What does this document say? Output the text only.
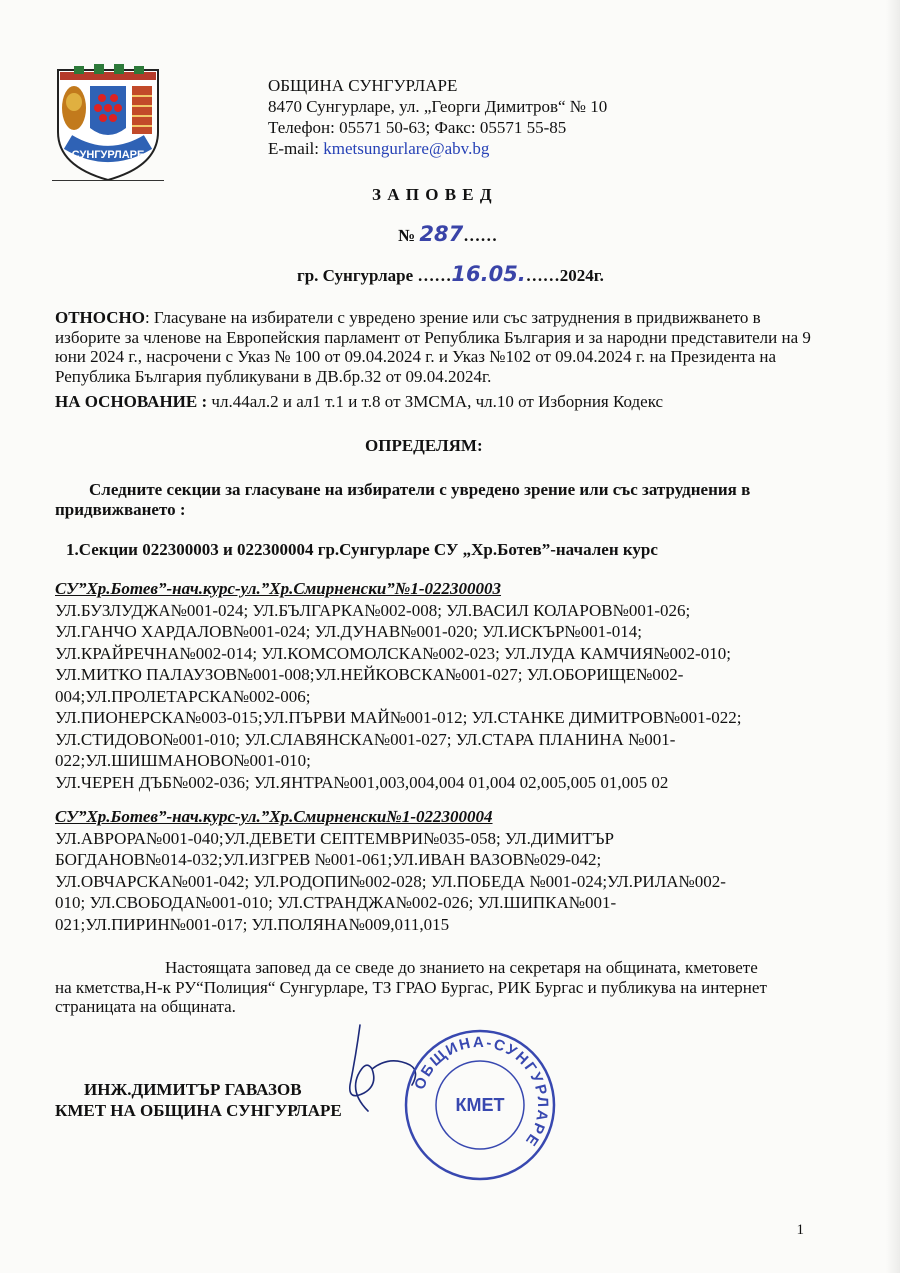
СУНГУРЛАРЕ
ОБЩИНА СУНГУРЛАРЕ
8470 Сунгурларе, ул. „Георги Димитров“ № 10
Телефон: 05571 50-63; Факс: 05571 55-85
E-mail: kmetsungurlare@abv.bg
З А П О В Е Д
№ 287……
гр. Сунгурларе ……16.05.……2024г.
ОТНОСНО: Гласуване на избиратели с увредено зрение или със затруднения в придвижването в изборите за членове на Европейския парламент от Република България и за народни представители на 9 юни 2024 г., насрочени с Указ № 100 от 09.04.2024 г. и Указ №102 от 09.04.2024 г. на Президента на Република България публикувани в ДВ.бр.32 от 09.04.2024г.
НА ОСНОВАНИЕ : чл.44ал.2 и ал1 т.1 и т.8 от ЗМСМА, чл.10 от Изборния Кодекс
ОПРЕДЕЛЯМ:
Следните секции за гласуване на избиратели с увредено зрение или със затруднения в придвижването :
1.Секции 022300003 и 022300004 гр.Сунгурларе СУ „Хр.Ботев”-начален курс
СУ”Хр.Ботев”-нач.курс-ул.”Хр.Смирненски”№1-022300003
УЛ.БУЗЛУДЖА№001-024; УЛ.БЪЛГАРКА№002-008; УЛ.ВАСИЛ КОЛАРОВ№001-026;
УЛ.ГАНЧО ХАРДАЛОВ№001-024; УЛ.ДУНАВ№001-020; УЛ.ИСКЪР№001-014;
УЛ.КРАЙРЕЧНА№002-014; УЛ.КОМСОМОЛСКА№002-023; УЛ.ЛУДА КАМЧИЯ№002-010;
УЛ.МИТКО ПАЛАУЗОВ№001-008;УЛ.НЕЙКОВСКА№001-027; УЛ.ОБОРИЩЕ№002-
004;УЛ.ПРОЛЕТАРСКА№002-006;
УЛ.ПИОНЕРСКА№003-015;УЛ.ПЪРВИ МАЙ№001-012; УЛ.СТАНКЕ ДИМИТРОВ№001-022;
УЛ.СТИДОВО№001-010; УЛ.СЛАВЯНСКА№001-027; УЛ.СТАРА ПЛАНИНА №001-
022;УЛ.ШИШМАНОВО№001-010;
УЛ.ЧЕРЕН ДЪБ№002-036; УЛ.ЯНТРА№001,003,004,004 01,004 02,005,005 01,005 02
СУ”Хр.Ботев”-нач.курс-ул.”Хр.Смирненски№1-022300004
УЛ.АВРОРА№001-040;УЛ.ДЕВЕТИ СЕПТЕМВРИ№035-058; УЛ.ДИМИТЪР
БОГДАНОВ№014-032;УЛ.ИЗГРЕВ №001-061;УЛ.ИВАН ВАЗОВ№029-042;
УЛ.ОВЧАРСКА№001-042; УЛ.РОДОПИ№002-028; УЛ.ПОБЕДА №001-024;УЛ.РИЛА№002-
010; УЛ.СВОБОДА№001-010; УЛ.СТРАНДЖА№002-026; УЛ.ШИПКА№001-
021;УЛ.ПИРИН№001-017; УЛ.ПОЛЯНА№009,011,015
Настоящата заповед да се сведе до знанието на секретаря на общината, кметовете на кметства,Н-к РУ“Полиция“ Сунгурларе, ТЗ ГРАО Бургас, РИК Бургас и публикува на интернет страницата на общината.
ОБЩИНА-СУНГУРЛАРЕ
КМЕТ
ИНЖ.ДИМИТЪР ГАВАЗОВ
КМЕТ НА ОБЩИНА СУНГУРЛАРЕ
1
